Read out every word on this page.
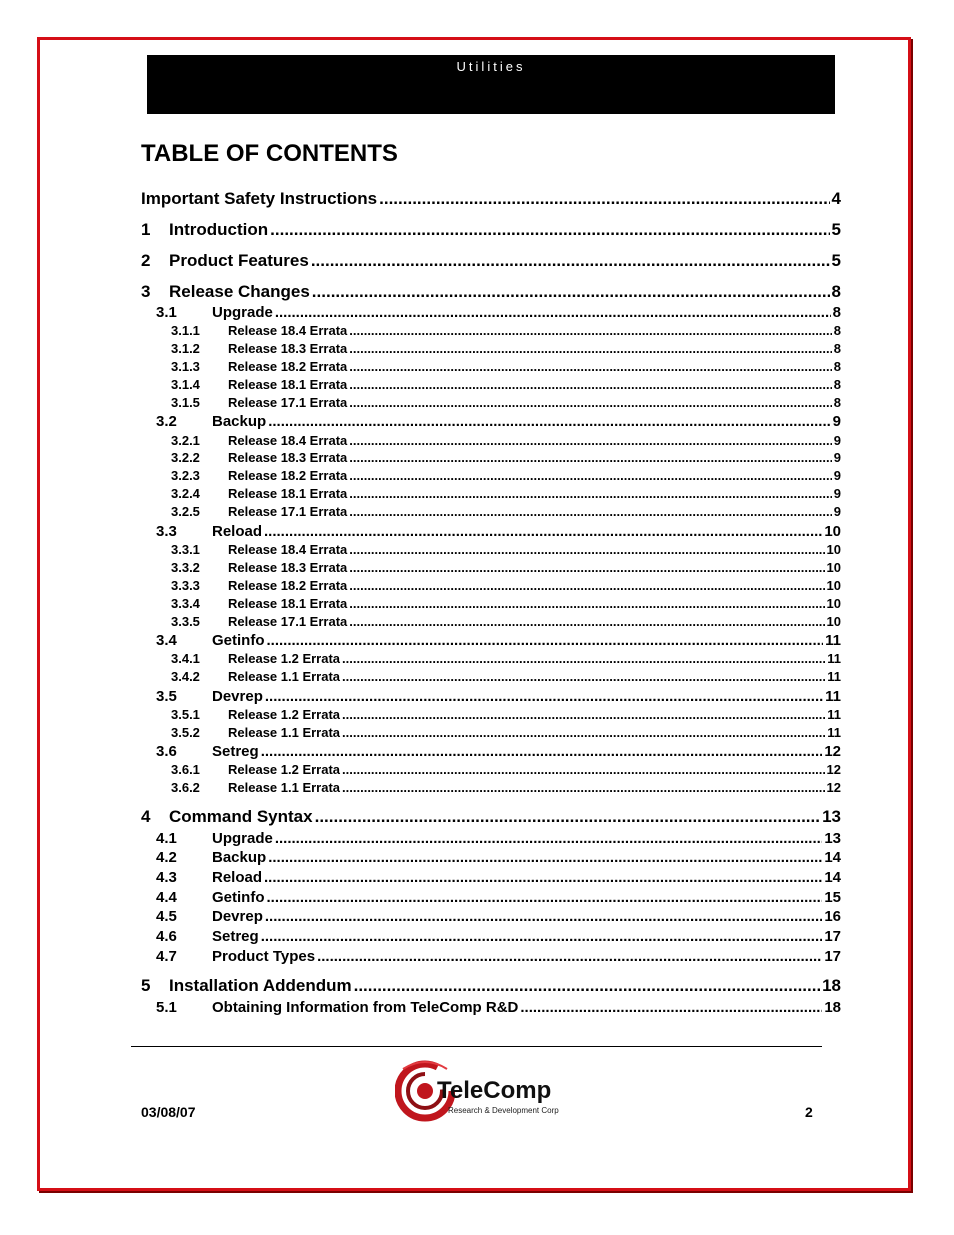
Utilities
TABLE OF CONTENTS
Important Safety Instructions .....	4
1	Introduction .....	5
2	Product Features .....	5
3	Release Changes .....	8
3.1	Upgrade .....	8
3.1.1	Release 18.4 Errata .....	8
3.1.2	Release 18.3 Errata .....	8
3.1.3	Release 18.2 Errata .....	8
3.1.4	Release 18.1 Errata .....	8
3.1.5	Release 17.1 Errata .....	8
3.2	Backup .....	9
3.2.1	Release 18.4 Errata .....	9
3.2.2	Release 18.3 Errata .....	9
3.2.3	Release 18.2 Errata .....	9
3.2.4	Release 18.1 Errata .....	9
3.2.5	Release 17.1 Errata .....	9
3.3	Reload .....	10
3.3.1	Release 18.4 Errata .....	10
3.3.2	Release 18.3 Errata .....	10
3.3.3	Release 18.2 Errata .....	10
3.3.4	Release 18.1 Errata .....	10
3.3.5	Release 17.1 Errata .....	10
3.4	Getinfo .....	11
3.4.1	Release 1.2 Errata .....	11
3.4.2	Release 1.1 Errata .....	11
3.5	Devrep .....	11
3.5.1	Release 1.2 Errata .....	11
3.5.2	Release 1.1 Errata .....	11
3.6	Setreg .....	12
3.6.1	Release 1.2 Errata .....	12
3.6.2	Release 1.1 Errata .....	12
4	Command Syntax .....	13
4.1	Upgrade .....	13
4.2	Backup .....	14
4.3	Reload .....	14
4.4	Getinfo .....	15
4.5	Devrep .....	16
4.6	Setreg .....	17
4.7	Product Types .....	17
5	Installation Addendum .....	18
5.1	Obtaining Information from TeleComp R&D .....	18
03/08/07
TeleComp
Research & Development Corp	2
